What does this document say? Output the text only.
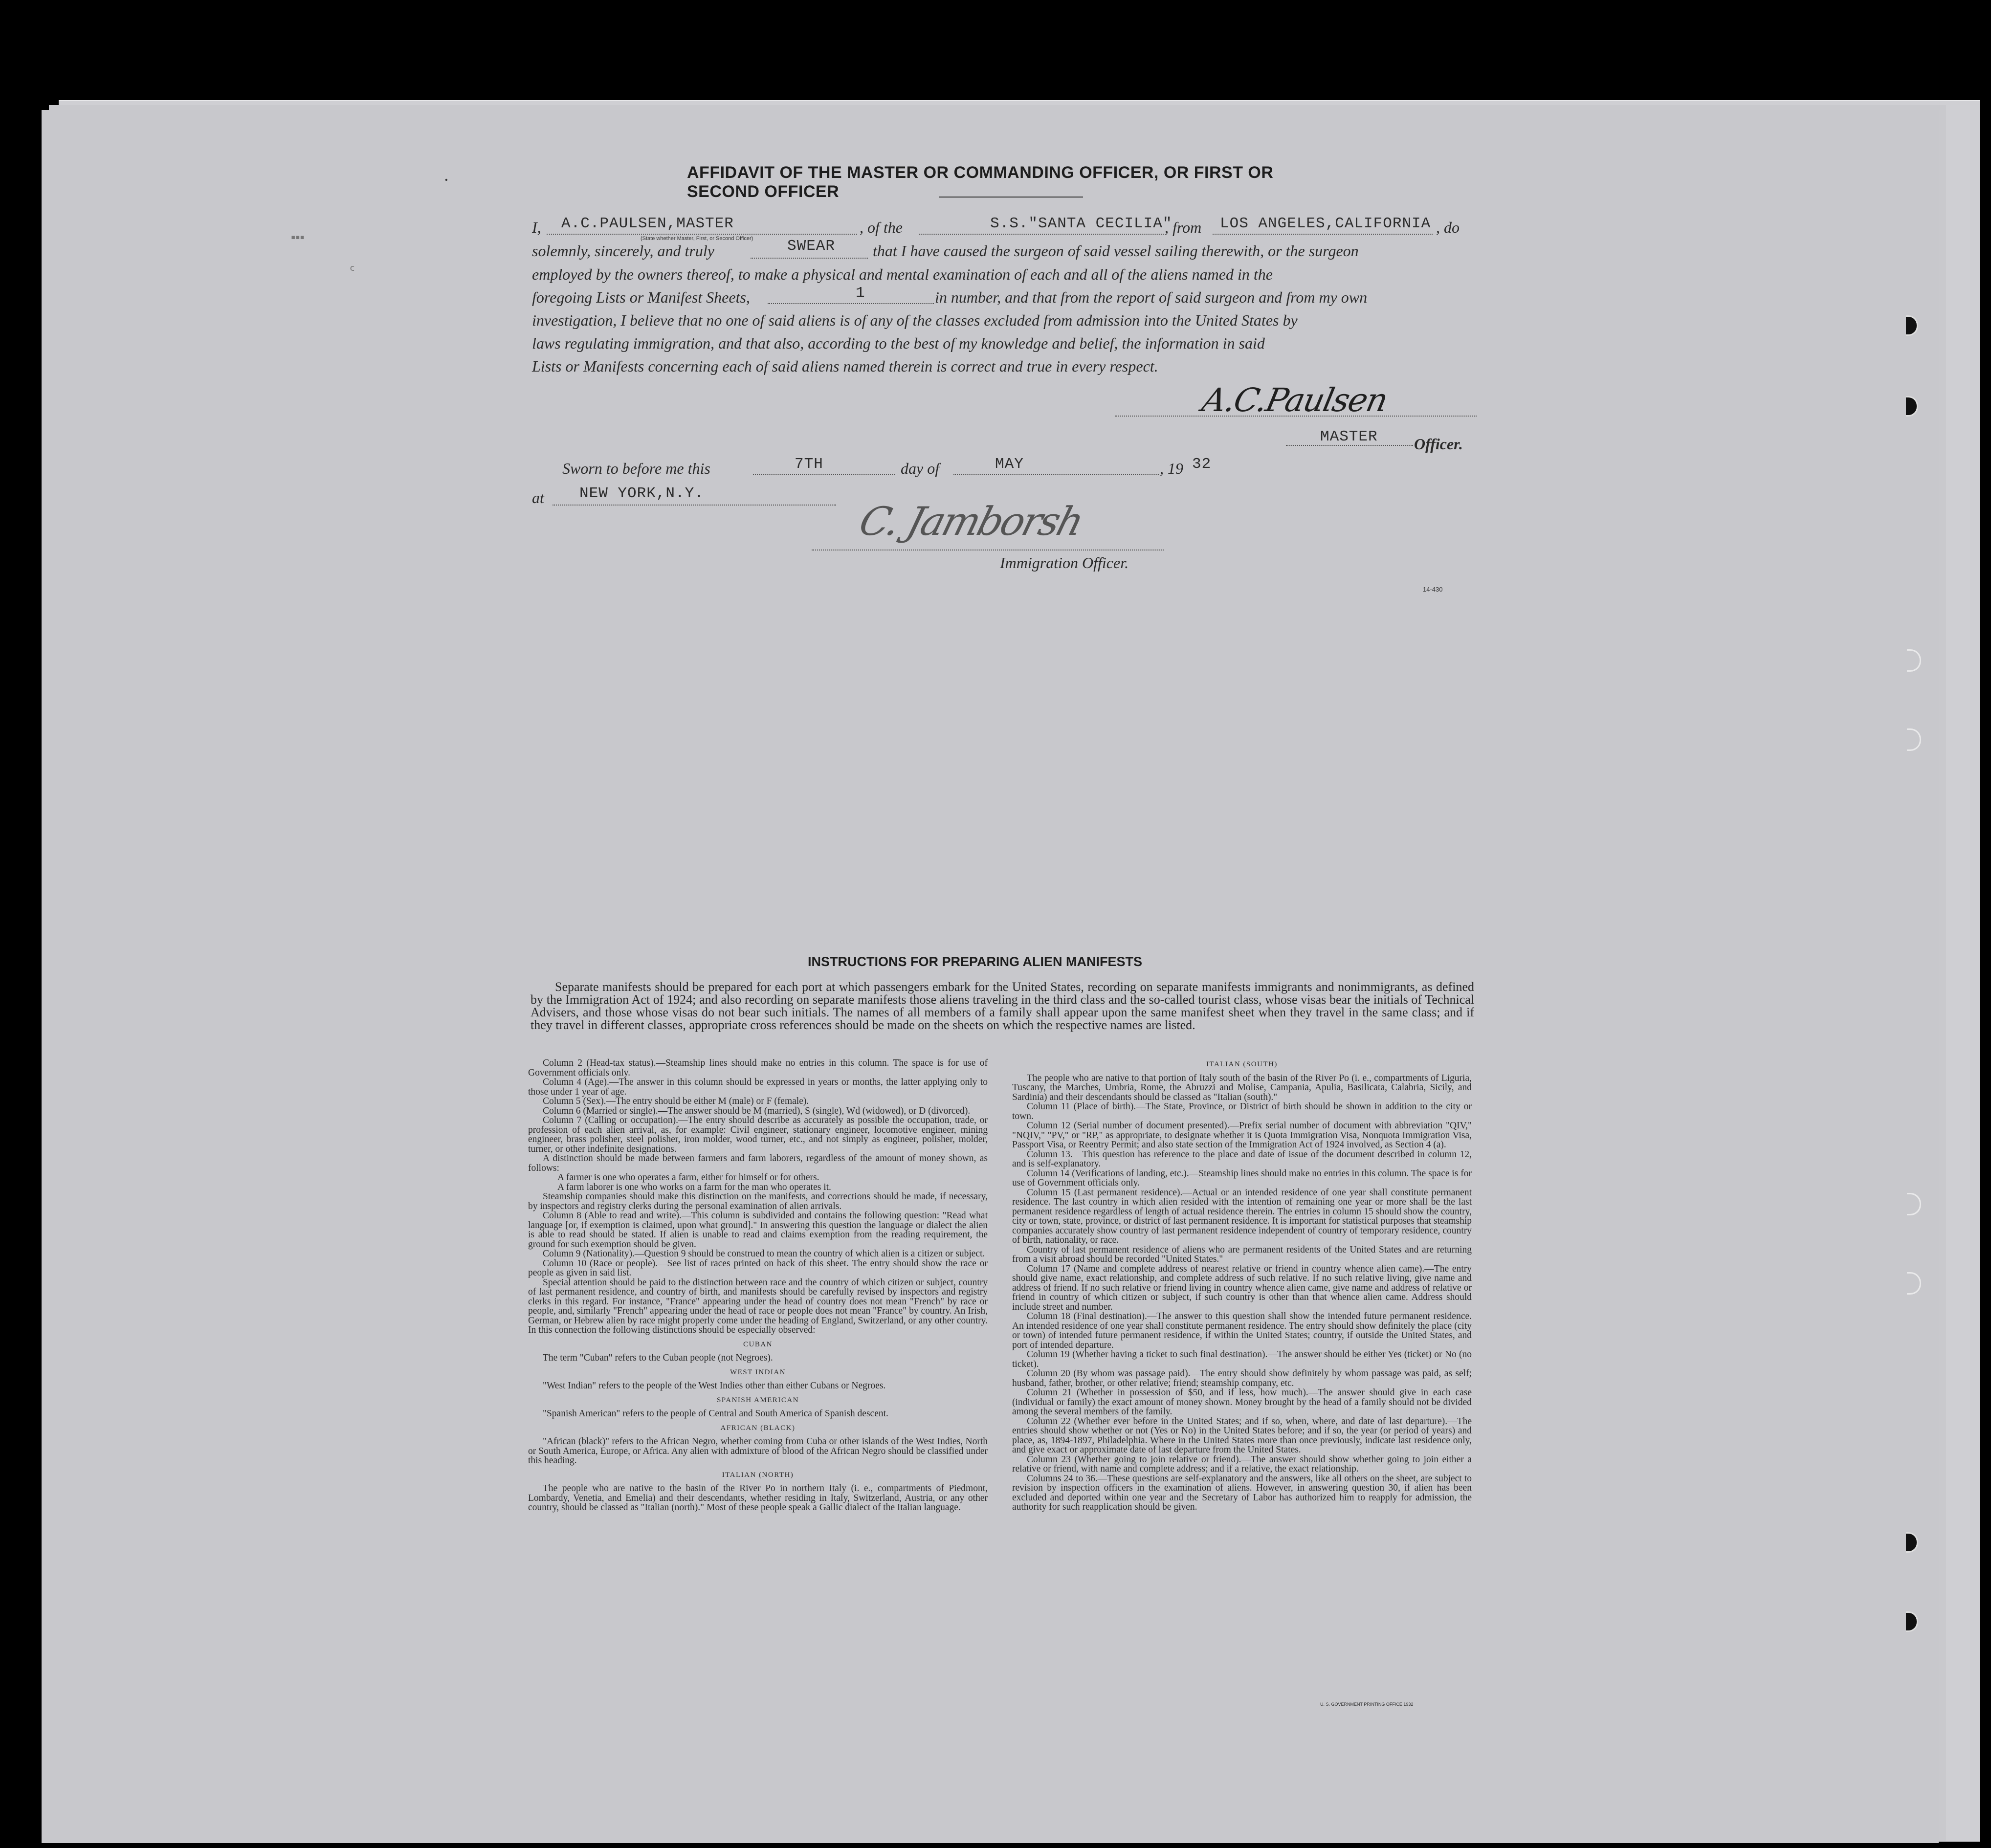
▪▪▪
ᑦ
•	AFFIDAVIT OF THE MASTER OR COMMANDING OFFICER, OR FIRST OR SECOND OFFICER
I, A.C.PAULSEN,MASTER	, of the	S.S."SANTA CECILIA"
, from LOS ANGELES,CALIFORNIA , do
(State whether Master, First, or Second Officer)
solemnly, sincerely, and truly	SWEAR that I have caused the surgeon of said vessel sailing therewith, or the surgeon
employed by the owners thereof, to make a physical and mental examination of each and all of the aliens named in the
foregoing Lists or Manifest Sheets,	1	in number, and that from the report of said surgeon and from my own
investigation, I believe that no one of said aliens is of any of the classes excluded from admission into the United States by
laws regulating immigration, and that also, according to the best of my knowledge and belief, the information in said
Lists or Manifests concerning each of said aliens named therein is correct and true in every respect.
A.C.Paulsen
MASTER Officer.
Sworn to before me this	7TH	day of	MAY	, 19 32
at NEW YORK,N.Y.
C. Jamborsh
Immigration Officer.
14-430
INSTRUCTIONS FOR PREPARING ALIEN MANIFESTS
Separate manifests should be prepared for each port at which passengers embark for the United States, recording on separate manifests immigrants and nonimmigrants, as defined by the Immigration Act of 1924; and also recording on separate manifests those aliens traveling in the third class and the so-called tourist class, whose visas bear the initials of Technical Advisers, and those whose visas do not bear such initials. The names of all members of a family shall appear upon the same manifest sheet when they travel in the same class; and if they travel in different classes, appropriate cross references should be made on the sheets on which the respective names are listed.

Column 2 (Head-tax status).—Steamship lines should make no entries in this column. The space is for use of Government officials only.

Column 4 (Age).—The answer in this column should be expressed in years or months, the latter applying only to those under 1 year of age.

Column 5 (Sex).—The entry should be either M (male) or F (female).

Column 6 (Married or single).—The answer should be M (married), S (single), Wd (widowed), or D (divorced).

Column 7 (Calling or occupation).—The entry should describe as accurately as possible the occupation, trade, or profession of each alien arrival, as, for example: Civil engineer, stationary engineer, locomotive engineer, mining engineer, brass polisher, steel polisher, iron molder, wood turner, etc., and not simply as engineer, polisher, molder, turner, or other indefinite designations.

A distinction should be made between farmers and farm laborers, regardless of the amount of money shown, as follows:

A farmer is one who operates a farm, either for himself or for others.

A farm laborer is one who works on a farm for the man who operates it.

Steamship companies should make this distinction on the manifests, and corrections should be made, if necessary, by inspectors and registry clerks during the personal examination of alien arrivals.

Column 8 (Able to read and write).—This column is subdivided and contains the following question: "Read what language [or, if exemption is claimed, upon what ground]." In answering this question the language or dialect the alien is able to read should be stated. If alien is unable to read and claims exemption from the reading requirement, the ground for such exemption should be given.

Column 9 (Nationality).—Question 9 should be construed to mean the country of which alien is a citizen or subject.

Column 10 (Race or people).—See list of races printed on back of this sheet. The entry should show the race or people as given in said list.

Special attention should be paid to the distinction between race and the country of which citizen or subject, country of last permanent residence, and country of birth, and manifests should be carefully revised by inspectors and registry clerks in this regard. For instance, "France" appearing under the head of country does not mean "French" by race or people, and, similarly "French" appearing under the head of race or people does not mean "France" by country. An Irish, German, or Hebrew alien by race might properly come under the heading of England, Switzerland, or any other country. In this connection the following distinctions should be especially observed:

CUBAN

The term "Cuban" refers to the Cuban people (not Negroes).

WEST INDIAN

"West Indian" refers to the people of the West Indies other than either Cubans or Negroes.

SPANISH AMERICAN

"Spanish American" refers to the people of Central and South America of Spanish descent.

AFRICAN (BLACK)

"African (black)" refers to the African Negro, whether coming from Cuba or other islands of the West Indies, North or South America, Europe, or Africa. Any alien with admixture of blood of the African Negro should be classified under this heading.

ITALIAN (NORTH)

The people who are native to the basin of the River Po in northern Italy (i. e., compartments of Piedmont, Lombardy, Venetia, and Emelia) and their descendants, whether residing in Italy, Switzerland, Austria, or any other country, should be classed as "Italian (north)." Most of these people speak a Gallic dialect of the Italian language.

ITALIAN (SOUTH)

The people who are native to that portion of Italy south of the basin of the River Po (i. e., compartments of Liguria, Tuscany, the Marches, Umbria, Rome, the Abruzzi and Molise, Campania, Apulia, Basilicata, Calabria, Sicily, and Sardinia) and their descendants should be classed as "Italian (south)."

Column 11 (Place of birth).—The State, Province, or District of birth should be shown in addition to the city or town.

Column 12 (Serial number of document presented).—Prefix serial number of document with abbreviation "QIV," "NQIV," "PV," or "RP," as appropriate, to designate whether it is Quota Immigration Visa, Nonquota Immigration Visa, Passport Visa, or Reentry Permit; and also state section of the Immigration Act of 1924 involved, as Section 4 (a).

Column 13.—This question has reference to the place and date of issue of the document described in column 12, and is self-explanatory.

Column 14 (Verifications of landing, etc.).—Steamship lines should make no entries in this column. The space is for use of Government officials only.

Column 15 (Last permanent residence).—Actual or an intended residence of one year shall constitute permanent residence. The last country in which alien resided with the intention of remaining one year or more shall be the last permanent residence regardless of length of actual residence therein. The entries in column 15 should show the country, city or town, state, province, or district of last permanent residence. It is important for statistical purposes that steamship companies accurately show country of last permanent residence independent of country of temporary residence, country of birth, nationality, or race.

Country of last permanent residence of aliens who are permanent residents of the United States and are returning from a visit abroad should be recorded "United States."

Column 17 (Name and complete address of nearest relative or friend in country whence alien came).—The entry should give name, exact relationship, and complete address of such relative. If no such relative living, give name and address of friend. If no such relative or friend living in country whence alien came, give name and address of relative or friend in country of which citizen or subject, if such country is other than that whence alien came. Address should include street and number.

Column 18 (Final destination).—The answer to this question shall show the intended future permanent residence. An intended residence of one year shall constitute permanent residence. The entry should show definitely the place (city or town) of intended future permanent residence, if within the United States; country, if outside the United States, and port of intended departure.

Column 19 (Whether having a ticket to such final destination).—The answer should be either Yes (ticket) or No (no ticket).

Column 20 (By whom was passage paid).—The entry should show definitely by whom passage was paid, as self; husband, father, brother, or other relative; friend; steamship company, etc.

Column 21 (Whether in possession of $50, and if less, how much).—The answer should give in each case (individual or family) the exact amount of money shown. Money brought by the head of a family should not be divided among the several members of the family.

Column 22 (Whether ever before in the United States; and if so, when, where, and date of last departure).—The entries should show whether or not (Yes or No) in the United States before; and if so, the year (or period of years) and place, as, 1894-1897, Philadelphia. Where in the United States more than once previously, indicate last residence only, and give exact or approximate date of last departure from the United States.

Column 23 (Whether going to join relative or friend).—The answer should show whether going to join either a relative or friend, with name and complete address; and if a relative, the exact relationship.

Columns 24 to 36.—These questions are self-explanatory and the answers, like all others on the sheet, are subject to revision by inspection officers in the examination of aliens. However, in answering question 30, if alien has been excluded and deported within one year and the Secretary of Labor has authorized him to reapply for admission, the authority for such reapplication should be given.

U. S. GOVERNMENT PRINTING OFFICE 1932
